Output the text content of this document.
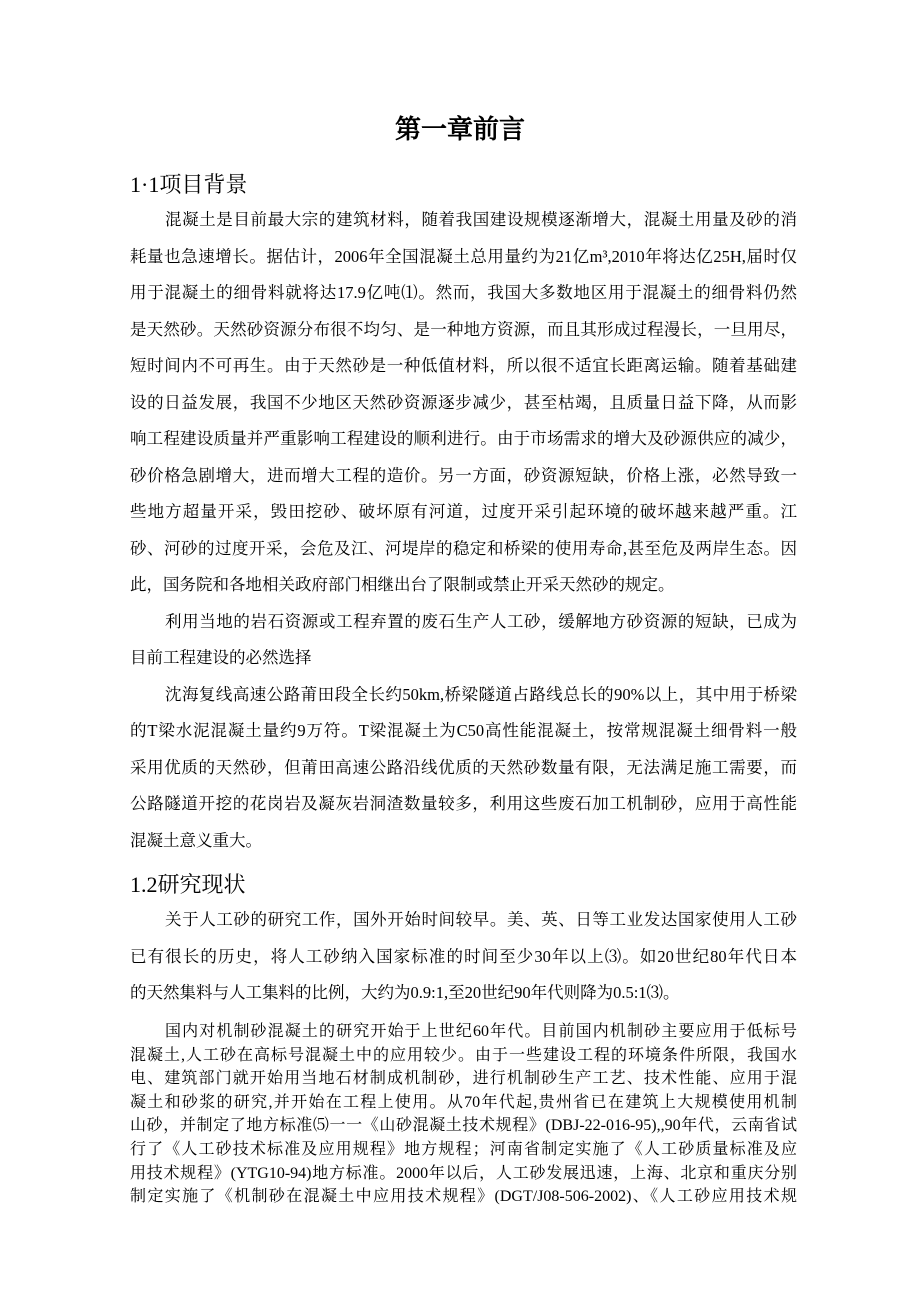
第一章前言
1·1项目背景
混凝土是目前最大宗的建筑材料，随着我国建设规模逐渐增大，混凝土用量及砂的消
耗量也急速增长。据估计，2006年全国混凝土总用量约为21亿m³,2010年将达亿25H,届时仅
用于混凝土的细骨料就将达17.9亿吨⑴。然而，我国大多数地区用于混凝土的细骨料仍然
是天然砂。天然砂资源分布很不均匀、是一种地方资源，而且其形成过程漫长，一旦用尽，
短时间内不可再生。由于天然砂是一种低值材料，所以很不适宜长距离运输。随着基础建
设的日益发展，我国不少地区天然砂资源逐步减少，甚至枯竭，且质量日益下降，从而影
响工程建设质量并严重影响工程建设的顺利进行。由于市场需求的增大及砂源供应的减少，
砂价格急剧增大，进而增大工程的造价。另一方面，砂资源短缺，价格上涨，必然导致一
些地方超量开采，毁田挖砂、破坏原有河道，过度开采引起环境的破坏越来越严重。江
砂、河砂的过度开采，会危及江、河堤岸的稳定和桥梁的使用寿命,甚至危及两岸生态。因
此，国务院和各地相关政府部门相继出台了限制或禁止开采天然砂的规定。
利用当地的岩石资源或工程弃置的废石生产人工砂，缓解地方砂资源的短缺，已成为
目前工程建设的必然选择
沈海复线高速公路莆田段全长约50km,桥梁隧道占路线总长的90%以上，其中用于桥梁
的T梁水泥混凝土量约9万符。T梁混凝土为C50高性能混凝土，按常规混凝土细骨料一般
采用优质的天然砂，但莆田高速公路沿线优质的天然砂数量有限，无法满足施工需要，而
公路隧道开挖的花岗岩及凝灰岩洞渣数量较多，利用这些废石加工机制砂，应用于高性能
混凝土意义重大。
1.2研究现状
关于人工砂的研究工作，国外开始时间较早。美、英、日等工业发达国家使用人工砂
已有很长的历史，将人工砂纳入国家标准的时间至少30年以上⑶。如20世纪80年代日本
的天然集料与人工集料的比例，大约为0.9:1,至20世纪90年代则降为0.5:1⑶。
国内对机制砂混凝土的研究开始于上世纪60年代。目前国内机制砂主要应用于低标号
混凝土,人工砂在高标号混凝土中的应用较少。由于一些建设工程的环境条件所限，我国水
电、建筑部门就开始用当地石材制成机制砂，进行机制砂生产工艺、技术性能、应用于混
凝土和砂浆的研究,并开始在工程上使用。从70年代起,贵州省已在建筑上大规模使用机制
山砂，并制定了地方标准⑸一一《山砂混凝土技术规程》(DBJ-22-016-95),,90年代，云南省试
行了《人工砂技术标准及应用规程》地方规程；河南省制定实施了《人工砂质量标准及应
用技术规程》(YTG10-94)地方标准。2000年以后，人工砂发展迅速，上海、北京和重庆分别
制定实施了《机制砂在混凝土中应用技术规程》(DGT/J08-506-2002)、《人工砂应用技术规
